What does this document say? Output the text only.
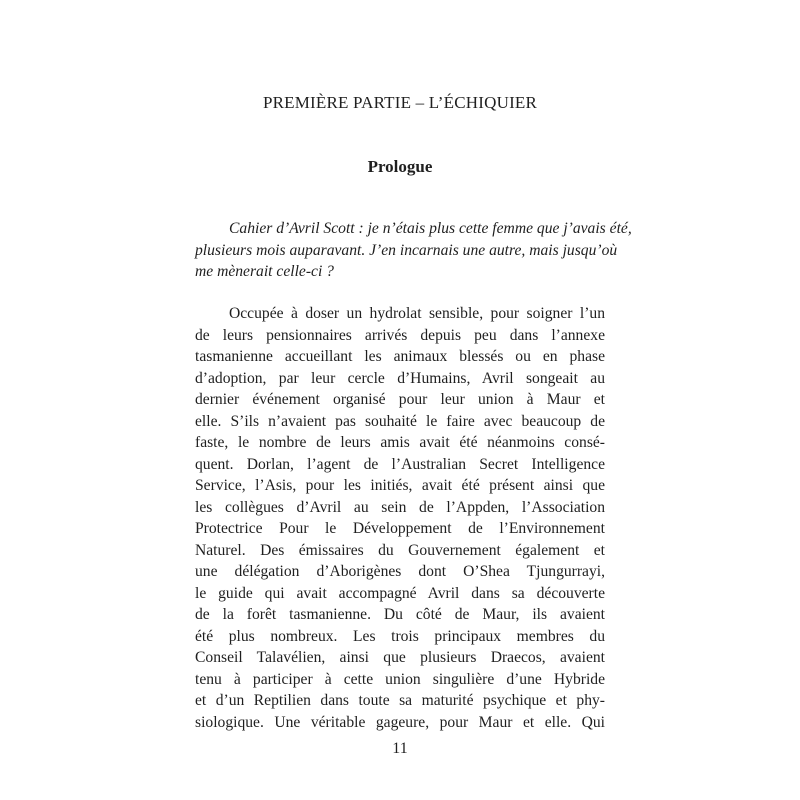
PREMIÈRE PARTIE – L’ÉCHIQUIER
Prologue

Cahier d’Avril Scott : je n’étais plus cette femme que j’avais été,
plusieurs mois auparavant. J’en incarnais une autre, mais jusqu’où
me mènerait celle-ci ?

Occupée à doser un hydrolat sensible, pour soigner l’un
de leurs pensionnaires arrivés depuis peu dans l’annexe
tasmanienne accueillant les animaux blessés ou en phase
d’adoption, par leur cercle d’Humains, Avril songeait au
dernier événement organisé pour leur union à Maur et
elle. S’ils n’avaient pas souhaité le faire avec beaucoup de
faste, le nombre de leurs amis avait été néanmoins consé-
quent. Dorlan, l’agent de l’Australian Secret Intelligence
Service, l’Asis, pour les initiés, avait été présent ainsi que
les collègues d’Avril au sein de l’Appden, l’Association
Protectrice Pour le Développement de l’Environnement
Naturel. Des émissaires du Gouvernement également et
une délégation d’Aborigènes dont O’Shea Tjungurrayi,
le guide qui avait accompagné Avril dans sa découverte
de la forêt tasmanienne. Du côté de Maur, ils avaient
été plus nombreux. Les trois principaux membres du
Conseil Talavélien, ainsi que plusieurs Draecos, avaient
tenu à participer à cette union singulière d’une Hybride
et d’un Reptilien dans toute sa maturité psychique et phy-
siologique. Une véritable gageure, pour Maur et elle. Qui

11
